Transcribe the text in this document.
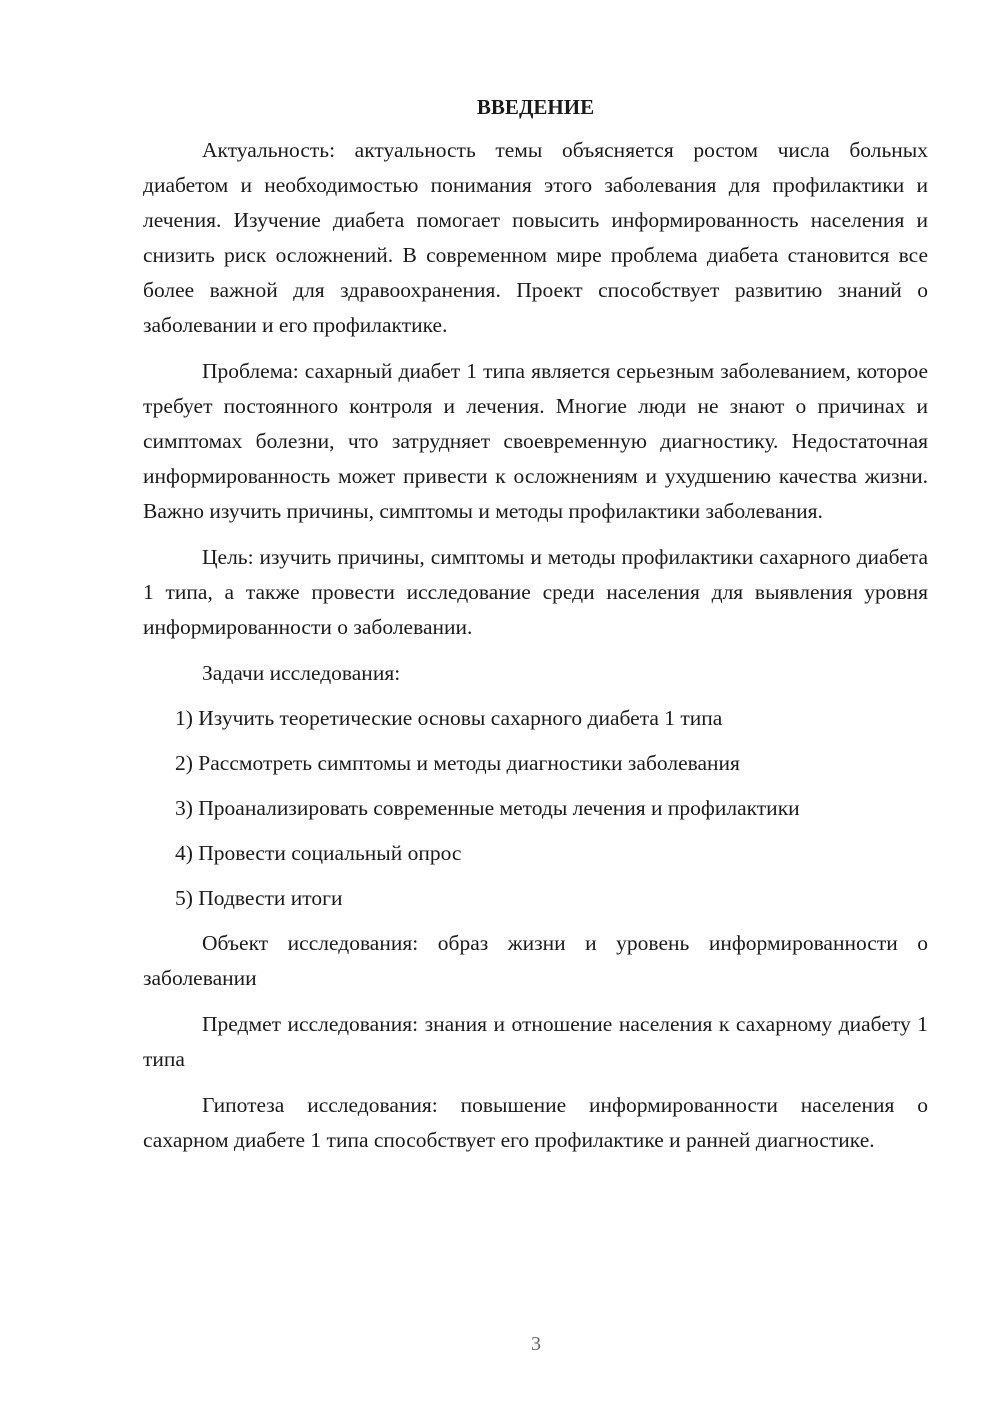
ВВЕДЕНИЕ

Актуальность: актуальность темы объясняется ростом числа больных диабетом и необходимостью понимания этого заболевания для профилактики и лечения. Изучение диабета помогает повысить информированность населения и снизить риск осложнений. В современном мире проблема диабета становится все более важной для здравоохранения. Проект способствует развитию знаний о заболевании и его профилактике.

Проблема: сахарный диабет 1 типа является серьезным заболеванием, которое требует постоянного контроля и лечения. Многие люди не знают о причинах и симптомах болезни, что затрудняет своевременную диагностику. Недостаточная информированность может привести к осложнениям и ухудшению качества жизни. Важно изучить причины, симптомы и методы профилактики заболевания.

Цель: изучить причины, симптомы и методы профилактики сахарного диабета 1 типа, а также провести исследование среди населения для выявления уровня информированности о заболевании.

Задачи исследования:
1) Изучить теоретические основы сахарного диабета 1 типа
2) Рассмотреть симптомы и методы диагностики заболевания
3) Проанализировать современные методы лечения и профилактики
4) Провести социальный опрос
5) Подвести итоги

Объект исследования: образ жизни и уровень информированности о заболевании

Предмет исследования: знания и отношение населения к сахарному диабету 1 типа

Гипотеза исследования: повышение информированности населения о сахарном диабете 1 типа способствует его профилактике и ранней диагностике.

3
